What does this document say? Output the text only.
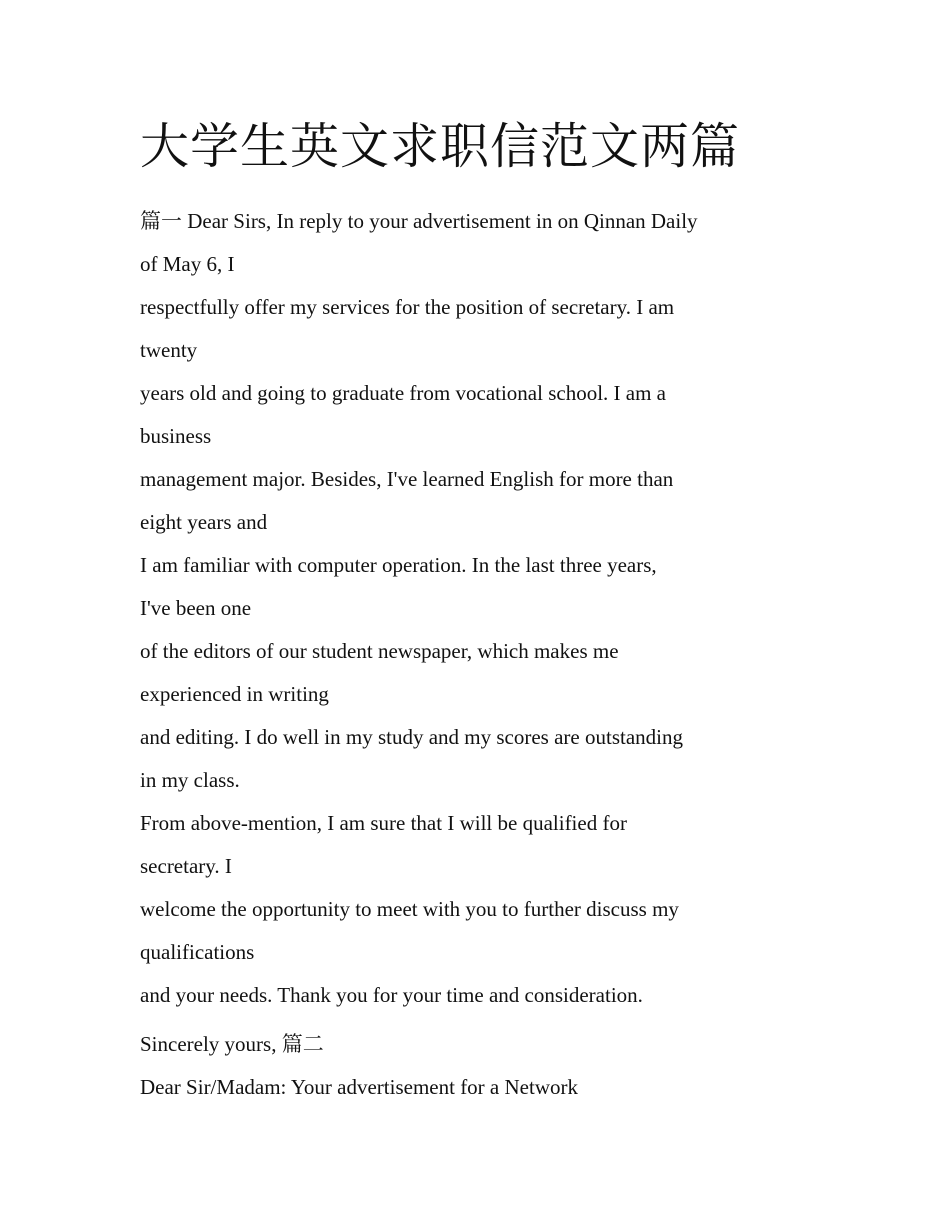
大学生英文求职信范文两篇
篇一 Dear Sirs, In reply to your advertisement in on Qinnan Daily
of May 6, I
respectfully offer my services for the position of secretary. I am
twenty
years old and going to graduate from vocational school. I am a
business
management major. Besides, I've learned English for more than
eight years and
I am familiar with computer operation. In the last three years,
I've been one
of the editors of our student newspaper, which makes me
experienced in writing
and editing. I do well in my study and my scores are outstanding
in my class.
From above-mention, I am sure that I will be qualified for
secretary. I
welcome the opportunity to meet with you to further discuss my
qualifications
and your needs. Thank you for your time and consideration.
Sincerely yours, 篇二
Dear Sir/Madam: Your advertisement for a Network
